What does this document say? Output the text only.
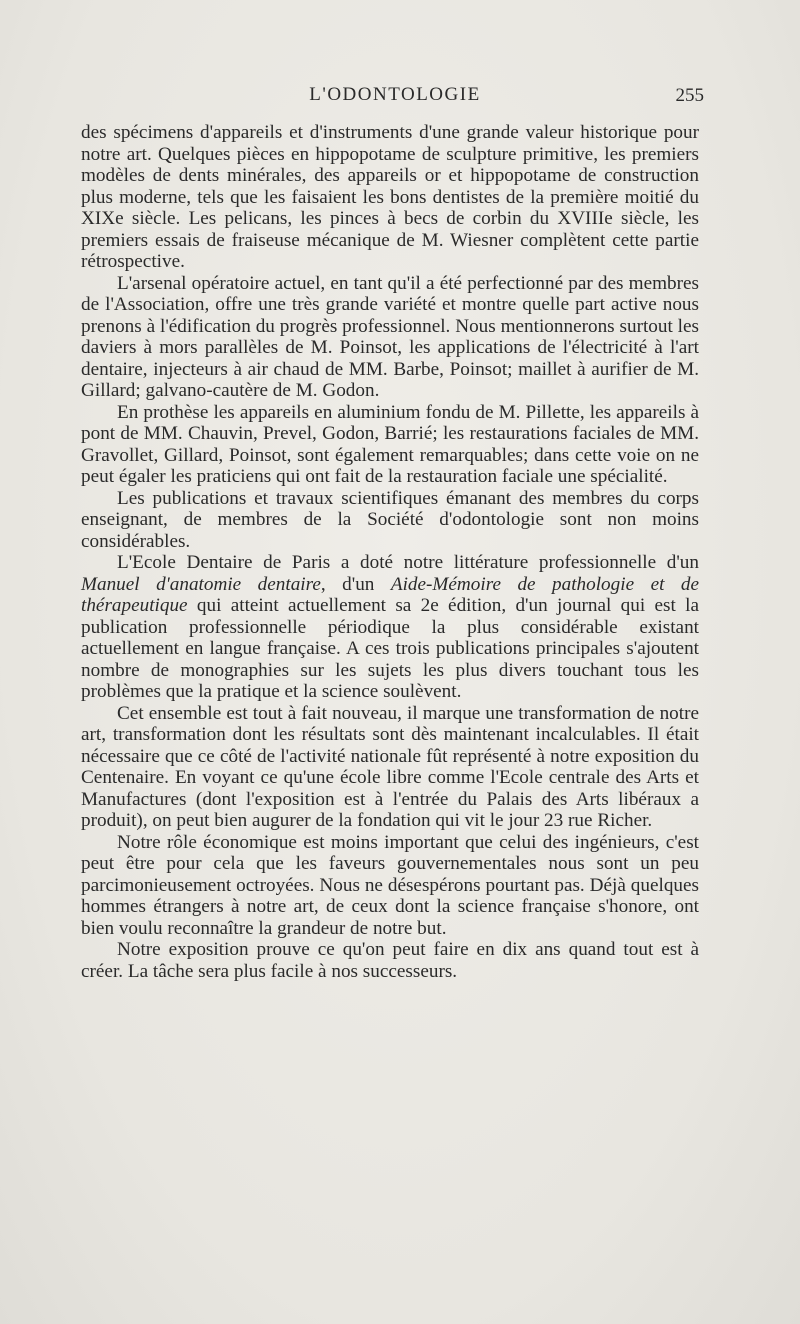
L'ODONTOLOGIE	255

des spécimens d'appareils et d'instruments d'une grande valeur historique pour notre art. Quelques pièces en hippopotame de sculpture primitive, les premiers modèles de dents minérales, des appareils or et hippopotame de construction plus moderne, tels que les faisaient les bons dentistes de la première moitié du XIXe siècle. Les pelicans, les pinces à becs de corbin du XVIIIe siècle, les premiers essais de fraiseuse mécanique de M. Wiesner complètent cette partie rétrospective.

L'arsenal opératoire actuel, en tant qu'il a été perfectionné par des membres de l'Association, offre une très grande variété et montre quelle part active nous prenons à l'édification du progrès professionnel. Nous mentionnerons surtout les daviers à mors parallèles de M. Poinsot, les applications de l'électricité à l'art dentaire, injecteurs à air chaud de MM. Barbe, Poinsot; maillet à aurifier de M. Gillard; galvano-cautère de M. Godon.

En prothèse les appareils en aluminium fondu de M. Pillette, les appareils à pont de MM. Chauvin, Prevel, Godon, Barrié; les restaurations faciales de MM. Gravollet, Gillard, Poinsot, sont également remarquables; dans cette voie on ne peut égaler les praticiens qui ont fait de la restauration faciale une spécialité.

Les publications et travaux scientifiques émanant des membres du corps enseignant, de membres de la Société d'odontologie sont non moins considérables.

L'Ecole Dentaire de Paris a doté notre littérature professionnelle d'un Manuel d'anatomie dentaire, d'un Aide-Mémoire de pathologie et de thérapeutique qui atteint actuellement sa 2e édition, d'un journal qui est la publication professionnelle périodique la plus considérable existant actuellement en langue française. A ces trois publications principales s'ajoutent nombre de monographies sur les sujets les plus divers touchant tous les problèmes que la pratique et la science soulèvent.

Cet ensemble est tout à fait nouveau, il marque une transformation de notre art, transformation dont les résultats sont dès maintenant incalculables. Il était nécessaire que ce côté de l'activité nationale fût représenté à notre exposition du Centenaire. En voyant ce qu'une école libre comme l'Ecole centrale des Arts et Manufactures (dont l'exposition est à l'entrée du Palais des Arts libéraux a produit), on peut bien augurer de la fondation qui vit le jour 23 rue Richer.

Notre rôle économique est moins important que celui des ingénieurs, c'est peut être pour cela que les faveurs gouvernementales nous sont un peu parcimonieusement octroyées. Nous ne désespérons pourtant pas. Déjà quelques hommes étrangers à notre art, de ceux dont la science française s'honore, ont bien voulu reconnaître la grandeur de notre but.

Notre exposition prouve ce qu'on peut faire en dix ans quand tout est à créer. La tâche sera plus facile à nos successeurs.
